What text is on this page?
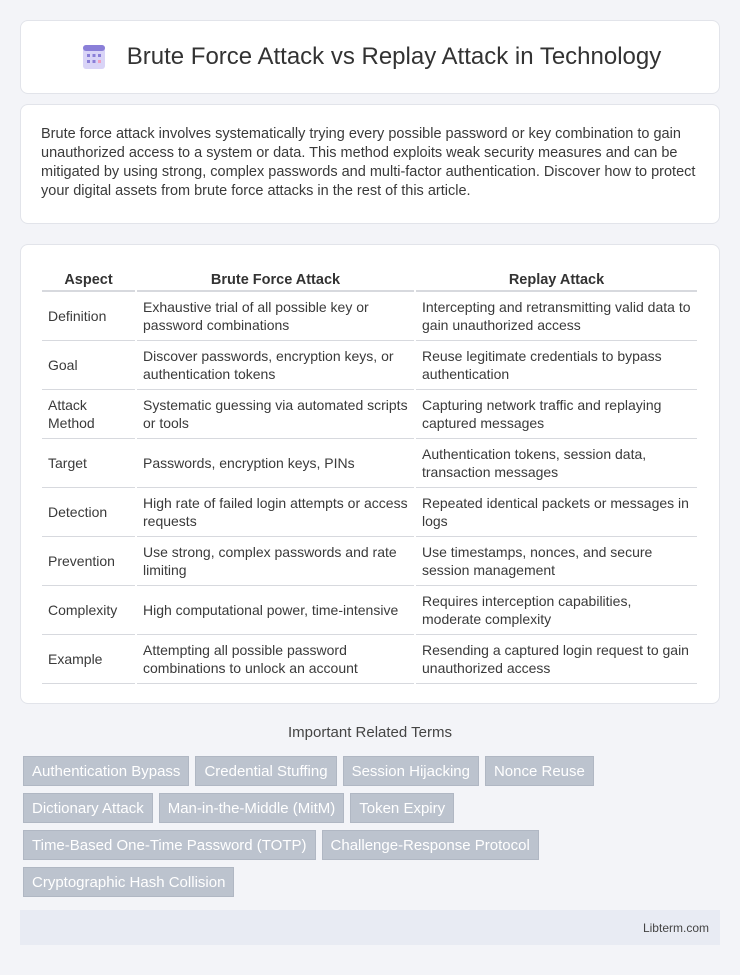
Brute Force Attack vs Replay Attack in Technology

Brute force attack involves systematically trying every possible password or key combination to gain unauthorized access to a system or data. This method exploits weak security measures and can be mitigated by using strong, complex passwords and multi-factor authentication. Discover how to protect your digital assets from brute force attacks in the rest of this article.

Aspect	Brute Force Attack	Replay Attack
Definition	Exhaustive trial of all possible key or password combinations	Intercepting and retransmitting valid data to gain unauthorized access
Goal	Discover passwords, encryption keys, or authentication tokens	Reuse legitimate credentials to bypass authentication
Attack Method	Systematic guessing via automated scripts or tools	Capturing network traffic and replaying captured messages
Target	Passwords, encryption keys, PINs	Authentication tokens, session data, transaction messages
Detection	High rate of failed login attempts or access requests	Repeated identical packets or messages in logs
Prevention	Use strong, complex passwords and rate limiting	Use timestamps, nonces, and secure session management
Complexity	High computational power, time-intensive	Requires interception capabilities, moderate complexity
Example	Attempting all possible password combinations to unlock an account	Resending a captured login request to gain unauthorized access
Important Related Terms
Authentication Bypass	Credential Stuffing	Session Hijacking	Nonce Reuse
Dictionary Attack	Man-in-the-Middle (MitM)	Token Expiry
Time-Based One-Time Password (TOTP)	Challenge-Response Protocol
Cryptographic Hash Collision
Libterm.com
